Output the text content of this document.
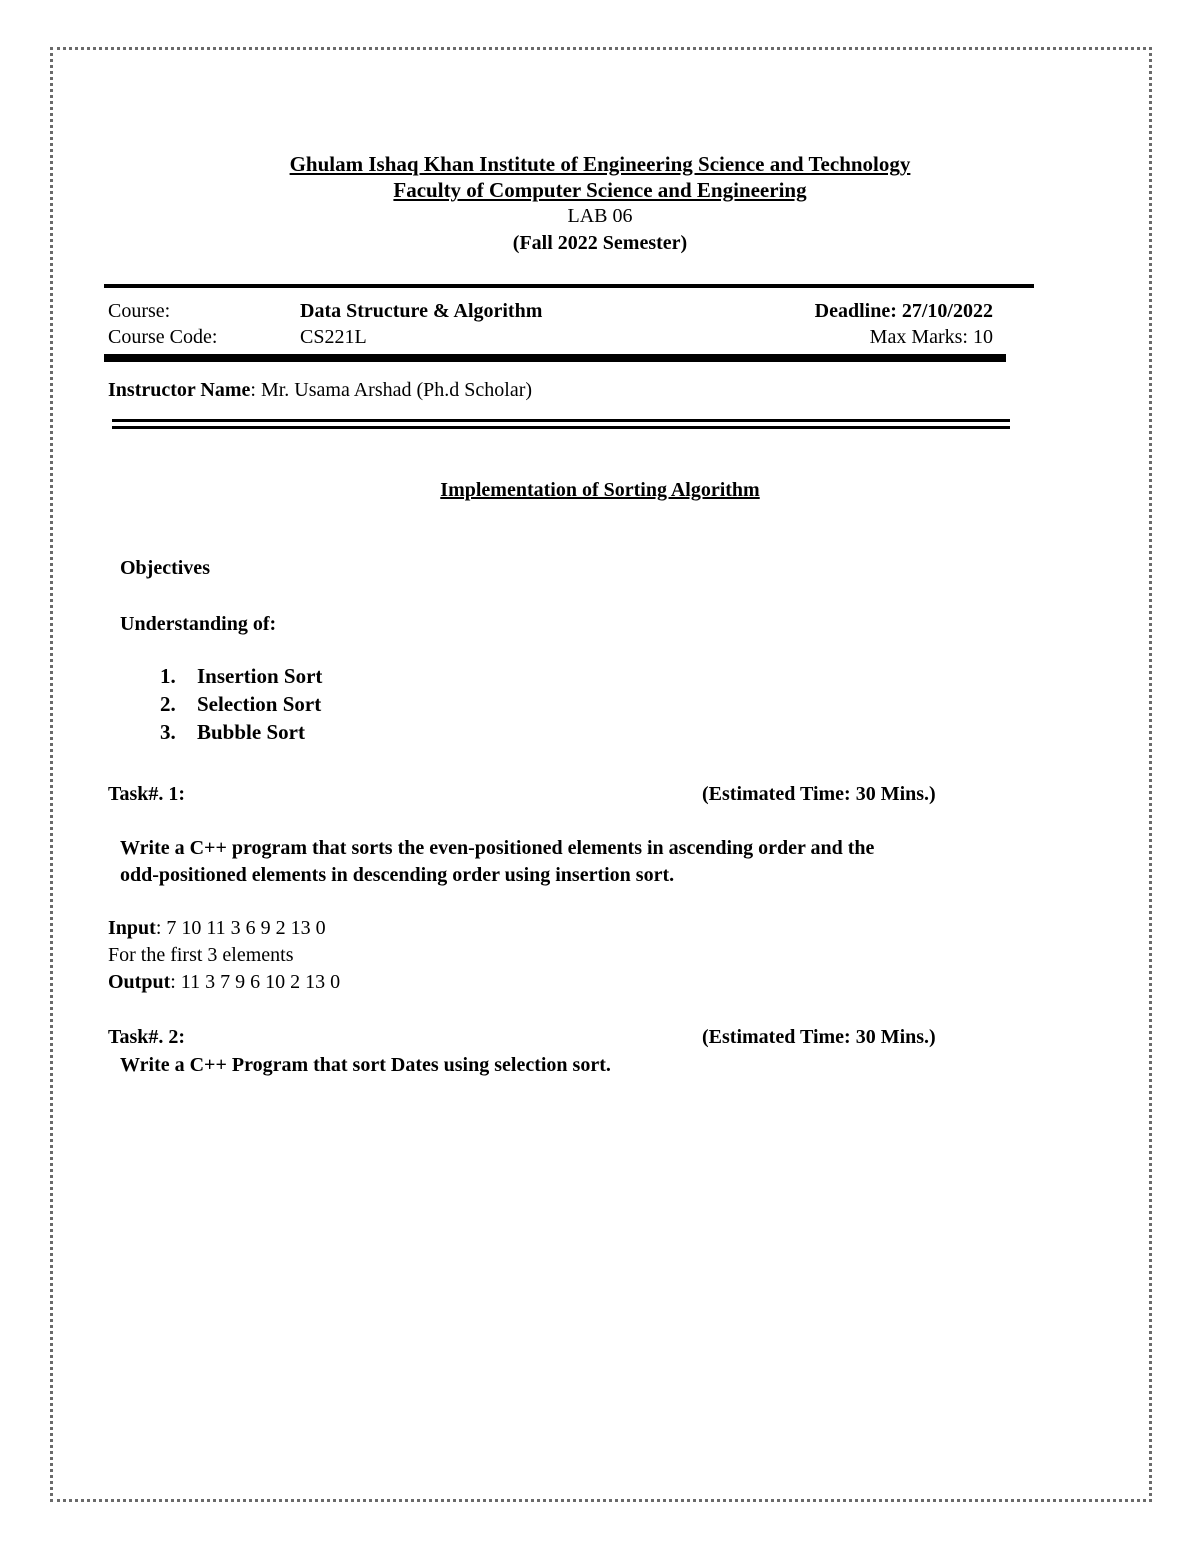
Ghulam Ishaq Khan Institute of Engineering Science and Technology
Faculty of Computer Science and Engineering
LAB 06
(Fall 2022 Semester)
Course:	Data Structure & Algorithm	Deadline: 27/10/2022
Course Code:	CS221L	Max Marks: 10
Instructor Name: Mr. Usama Arshad (Ph.d Scholar)
Implementation of Sorting Algorithm
Objectives
Understanding of:
1. Insertion Sort
2. Selection Sort
3. Bubble Sort
Task#. 1:	(Estimated Time: 30 Mins.)
Write a C++ program that sorts the even-positioned elements in ascending order and the
odd-positioned elements in descending order using insertion sort.
Input: 7 10 11 3 6 9 2 13 0
For the first 3 elements
Output: 11 3 7 9 6 10 2 13 0
Task#. 2:	(Estimated Time: 30 Mins.)
Write a C++ Program that sort Dates using selection sort.
